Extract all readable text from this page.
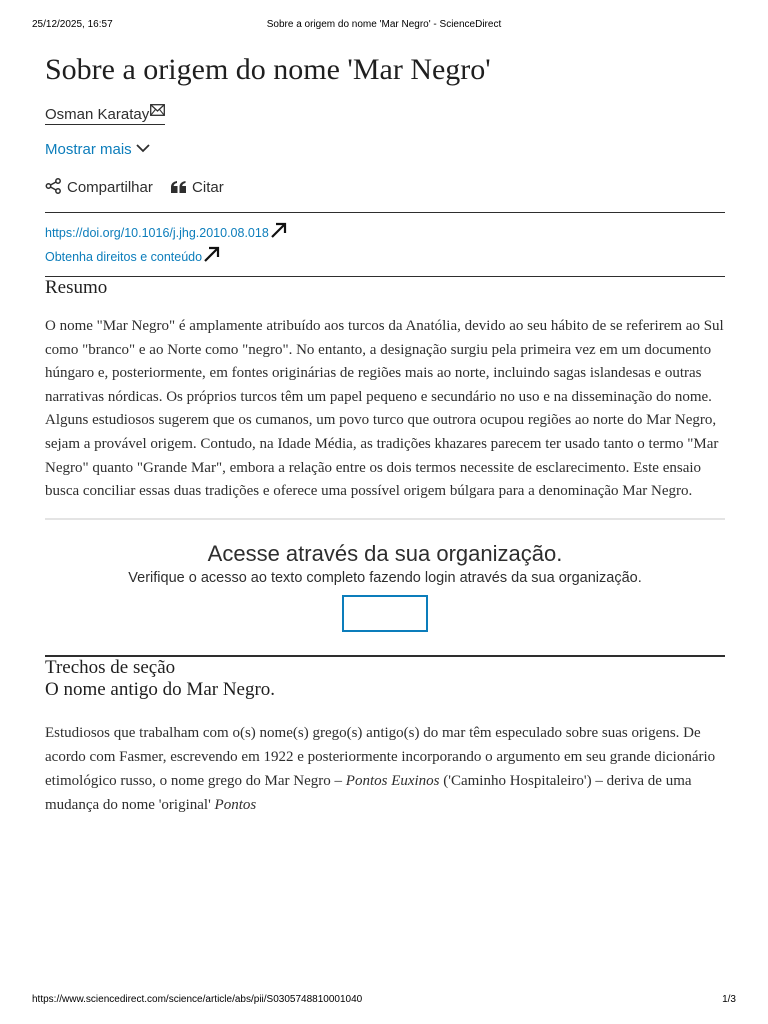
25/12/2025, 16:57	Sobre a origem do nome 'Mar Negro' - ScienceDirect
Sobre a origem do nome 'Mar Negro'
Osman Karatay
Mostrar mais
Compartilhar	Citar
https://doi.org/10.1016/j.jhg.2010.08.018
Obtenha direitos e conteúdo
Resumo
O nome "Mar Negro" é amplamente atribuído aos turcos da Anatólia, devido ao seu hábito de se referirem ao Sul como "branco" e ao Norte como "negro". No entanto, a designação surgiu pela primeira vez em um documento húngaro e, posteriormente, em fontes originárias de regiões mais ao norte, incluindo sagas islandesas e outras narrativas nórdicas. Os próprios turcos têm um papel pequeno e secundário no uso e na disseminação do nome. Alguns estudiosos sugerem que os cumanos, um povo turco que outrora ocupou regiões ao norte do Mar Negro, sejam a provável origem. Contudo, na Idade Média, as tradições khazares parecem ter usado tanto o termo "Mar Negro" quanto "Grande Mar", embora a relação entre os dois termos necessite de esclarecimento. Este ensaio busca conciliar essas duas tradições e oferece uma possível origem búlgara para a denominação Mar Negro.
Acesse através da sua organização.
Verifique o acesso ao texto completo fazendo login através da sua organização.
Trechos de seção
O nome antigo do Mar Negro.
Estudiosos que trabalham com o(s) nome(s) grego(s) antigo(s) do mar têm especulado sobre suas origens. De acordo com Fasmer, escrevendo em 1922 e posteriormente incorporando o argumento em seu grande dicionário etimológico russo, o nome grego do Mar Negro – Pontos Euxinos ('Caminho Hospitaleiro') – deriva de uma mudança do nome 'original' Pontos
https://www.sciencedirect.com/science/article/abs/pii/S0305748810001040	1/3
